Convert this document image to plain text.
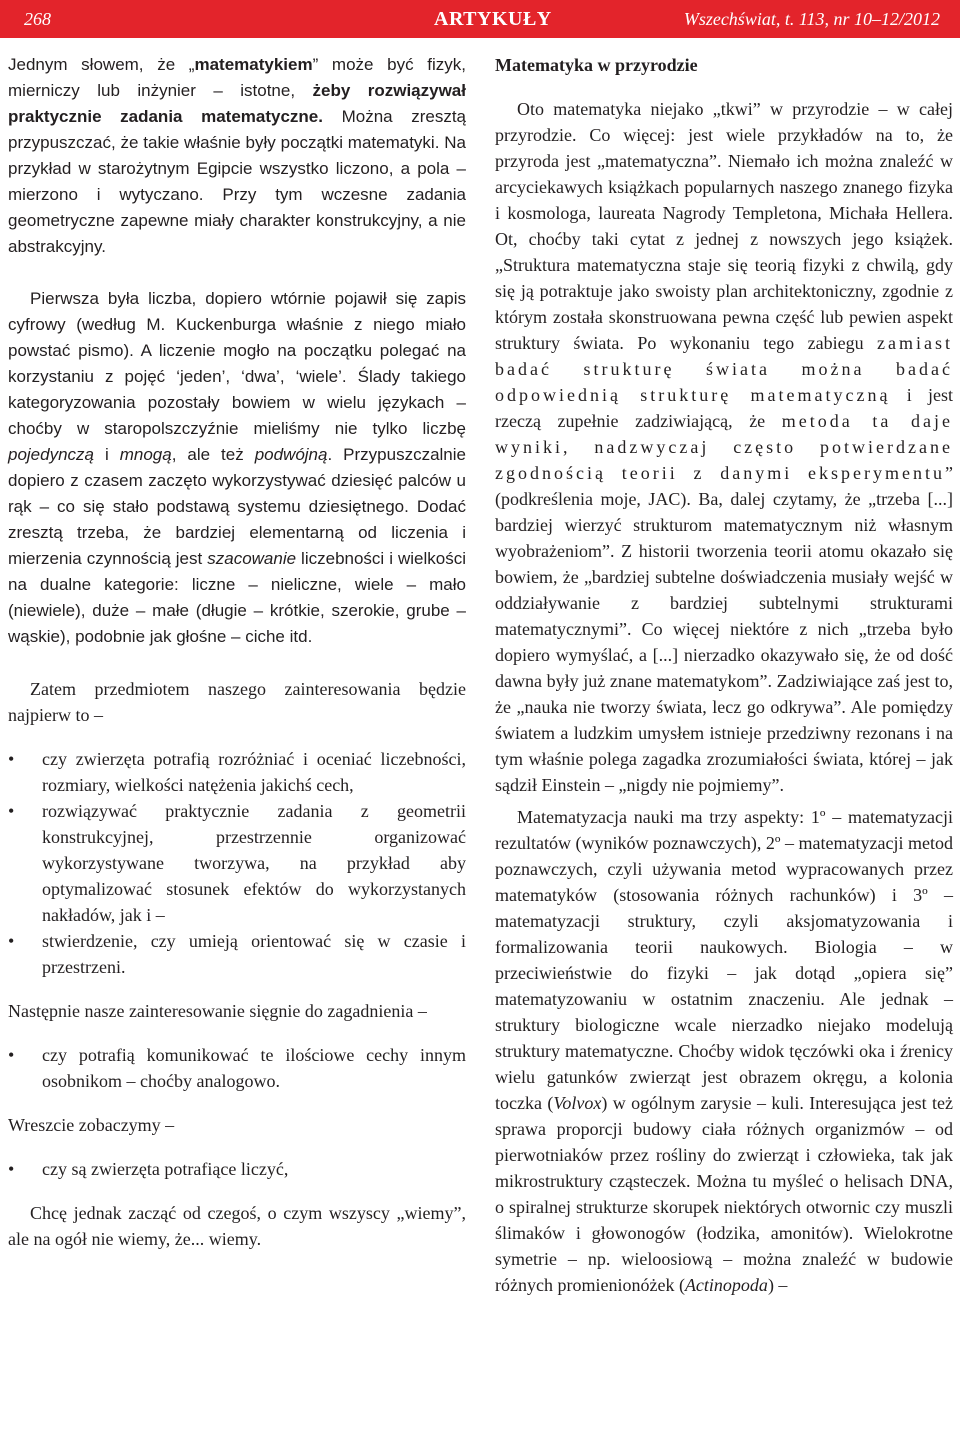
268	ARTYKUŁY	Wszechświat, t. 113, nr 10–12/2012

Jednym słowem, że „matematykiem” może być fizyk, mierniczy lub inżynier – istotne, żeby rozwiązywał praktycznie zadania matematyczne. Można zresztą przypuszczać, że takie właśnie były początki matematyki. Na przykład w starożytnym Egipcie wszystko liczono, a pola – mierzono i wytyczano. Przy tym wczesne zadania geometryczne zapewne miały charakter konstrukcyjny, a nie abstrakcyjny.

Pierwsza była liczba, dopiero wtórnie pojawił się zapis cyfrowy (według M. Kuckenburga właśnie z niego miało powstać pismo). A liczenie mogło na początku polegać na korzystaniu z pojęć ‘jeden’, ‘dwa’, ‘wiele’. Ślady takiego kategoryzowania pozostały bowiem w wielu językach – choćby w staropolszczyźnie mieliśmy nie tylko liczbę pojedynczą i mnogą, ale też podwójną. Przypuszczalnie dopiero z czasem zaczęto wykorzystywać dziesięć palców u rąk – co się stało podstawą systemu dziesiętnego. Dodać zresztą trzeba, że bardziej elementarną od liczenia i mierzenia czynnością jest szacowanie liczebności i wielkości na dualne kategorie: liczne – nieliczne, wiele – mało (niewiele), duże – małe (długie – krótkie, szerokie, grube – wąskie), podobnie jak głośne – ciche itd.

Zatem przedmiotem naszego zainteresowania będzie najpierw to –

• czy zwierzęta potrafią rozróżniać i oceniać liczebności, rozmiary, wielkości natężenia jakichś cech,
• rozwiązywać praktycznie zadania z geometrii konstrukcyjnej, przestrzennie organizować wykorzystywane tworzywa, na przykład aby optymalizować stosunek efektów do wykorzystanych nakładów, jak i –
• stwierdzenie, czy umieją orientować się w czasie i przestrzeni.

Następnie nasze zainteresowanie sięgnie do zagadnienia –

• czy potrafią komunikować te ilościowe cechy innym osobnikom – choćby analogowo.

Wreszcie zobaczymy –

• czy są zwierzęta potrafiące liczyć,

Chcę jednak zacząć od czegoś, o czym wszyscy „wiemy”, ale na ogół nie wiemy, że... wiemy.

Matematyka w przyrodzie

Oto matematyka niejako „tkwi” w przyrodzie – w całej przyrodzie. Co więcej: jest wiele przykładów na to, że przyroda jest „matematyczna”. Niemało ich można znaleźć w arcyciekawych książkach popularnych naszego znanego fizyka i kosmologa, laureata Nagrody Templetona, Michała Hellera. Ot, choćby taki cytat z jednej z nowszych jego książek. „Struktura matematyczna staje się teorią fizyki z chwilą, gdy się ją potraktuje jako swoisty plan architektoniczny, zgodnie z którym została skonstruowana pewna część lub pewien aspekt struktury świata. Po wykonaniu tego zabiegu zamiast badać strukturę świata można badać odpowiednią strukturę matematyczną i jest rzeczą zupełnie zadziwiającą, że metoda ta daje wyniki, nadzwyczaj często potwierdzane zgodnością teorii z danymi eksperymentu” (podkreślenia moje, JAC). Ba, dalej czytamy, że „trzeba [...] bardziej wierzyć strukturom matematycznym niż własnym wyobrażeniom”. Z historii tworzenia teorii atomu okazało się bowiem, że „bardziej subtelne doświadczenia musiały wejść w oddziaływanie z bardziej subtelnymi strukturami matematycznymi”. Co więcej niektóre z nich „trzeba było dopiero wymyślać, a [...] nierzadko okazywało się, że od dość dawna były już znane matematykom”. Zadziwiające zaś jest to, że „nauka nie tworzy świata, lecz go odkrywa”. Ale pomiędzy światem a ludzkim umysłem istnieje przedziwny rezonans i na tym właśnie polega zagadka zrozumiałości świata, której – jak sądził Einstein – „nigdy nie pojmiemy”.

Matematyzacja nauki ma trzy aspekty: 1º – matematyzacji rezultatów (wyników poznawczych), 2º – matematyzacji metod poznawczych, czyli używania metod wypracowanych przez matematyków (stosowania różnych rachunków) i 3º – matematyzacji struktury, czyli aksjomatyzowania i formalizowania teorii naukowych. Biologia – w przeciwieństwie do fizyki – jak dotąd „opiera się” matematyzowaniu w ostatnim znaczeniu. Ale jednak – struktury biologiczne wcale nierzadko niejako modelują struktury matematyczne. Choćby widok tęczówki oka i źrenicy wielu gatunków zwierząt jest obrazem okręgu, a kolonia toczka (Volvox) w ogólnym zarysie – kuli. Interesująca jest też sprawa proporcji budowy ciała różnych organizmów – od pierwotniaków przez rośliny do zwierząt i człowieka, tak jak mikrostruktury cząsteczek. Można tu myśleć o helisach DNA, o spiralnej strukturze skorupek niektórych otwornic czy muszli ślimaków i głowonogów (łodzika, amonitów). Wielokrotne symetrie – np. wieloosiową – można znaleźć w budowie różnych promienionóżek (Actinopoda) –
